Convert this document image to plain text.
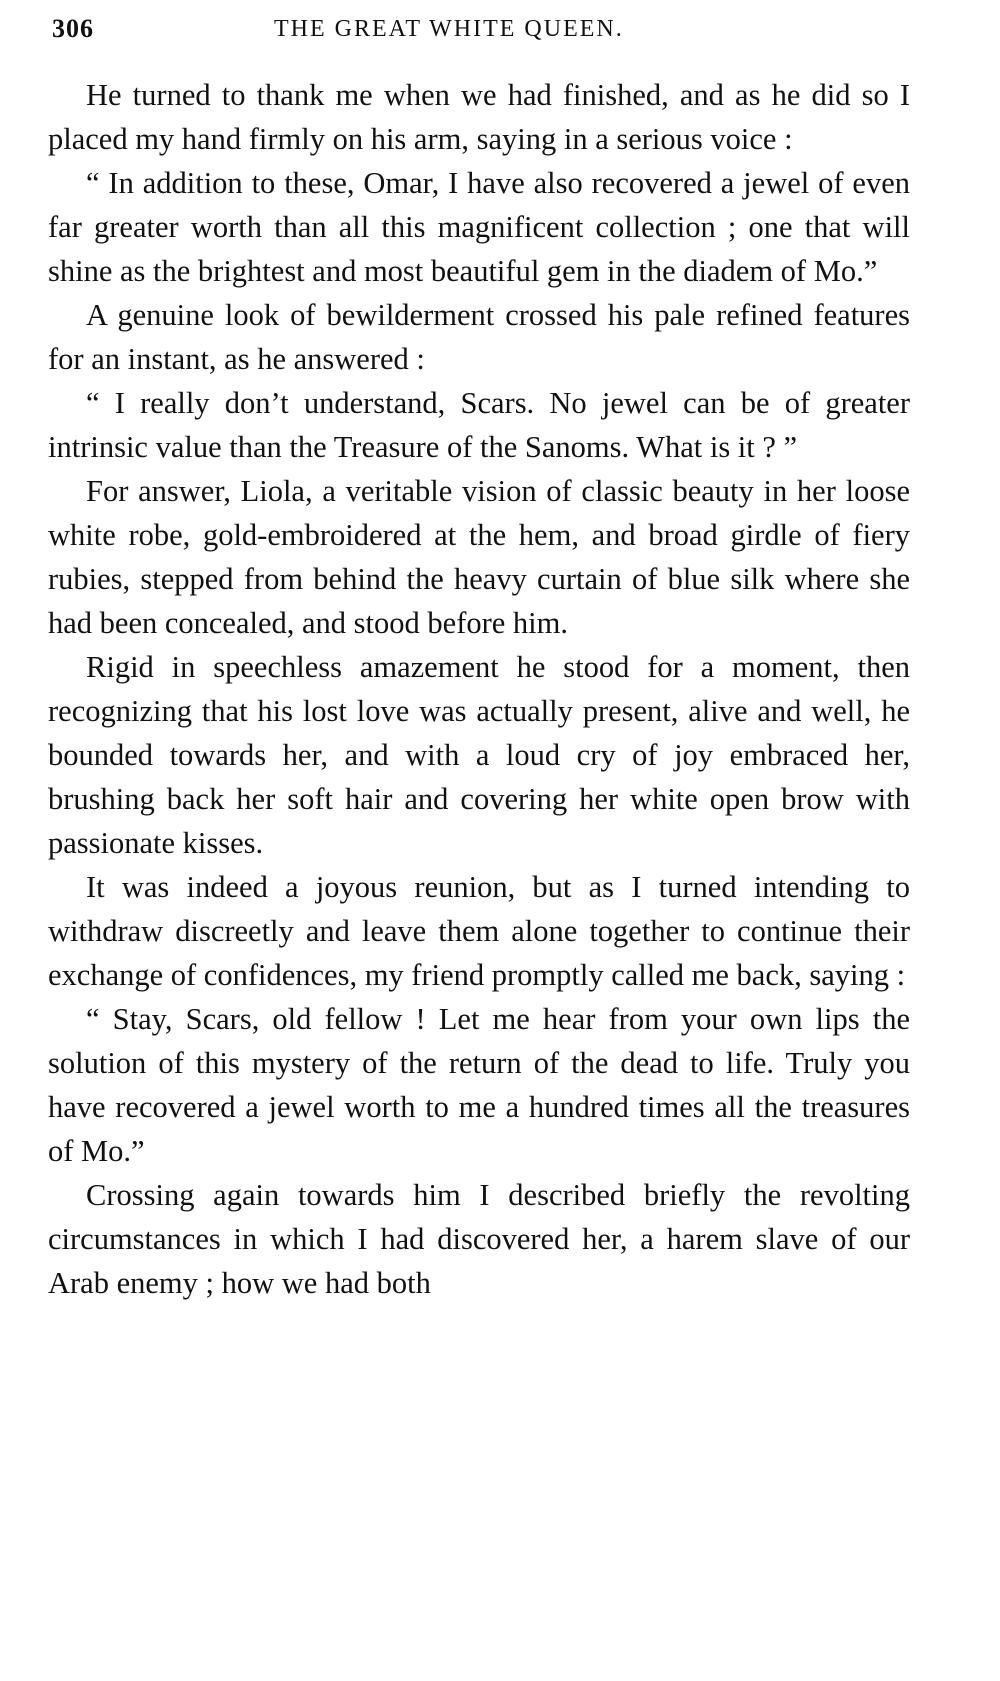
306	THE GREAT WHITE QUEEN.

He turned to thank me when we had finished, and as he did so I placed my hand firmly on his arm, saying in a serious voice :

“ In addition to these, Omar, I have also recovered a jewel of even far greater worth than all this magnificent collection ; one that will shine as the brightest and most beautiful gem in the diadem of Mo.”

A genuine look of bewilderment crossed his pale refined features for an instant, as he answered :

“ I really don’t understand, Scars. No jewel can be of greater intrinsic value than the Treasure of the Sanoms. What is it ? ”

For answer, Liola, a veritable vision of classic beauty in her loose white robe, gold-embroidered at the hem, and broad girdle of fiery rubies, stepped from behind the heavy curtain of blue silk where she had been concealed, and stood before him.

Rigid in speechless amazement he stood for a moment, then recognizing that his lost love was actually present, alive and well, he bounded towards her, and with a loud cry of joy embraced her, brushing back her soft hair and covering her white open brow with passionate kisses.

It was indeed a joyous reunion, but as I turned intending to withdraw discreetly and leave them alone together to continue their exchange of confidences, my friend promptly called me back, saying :

“ Stay, Scars, old fellow ! Let me hear from your own lips the solution of this mystery of the return of the dead to life. Truly you have recovered a jewel worth to me a hundred times all the treasures of Mo.”

Crossing again towards him I described briefly the revolting circumstances in which I had discovered her, a harem slave of our Arab enemy ; how we had both
